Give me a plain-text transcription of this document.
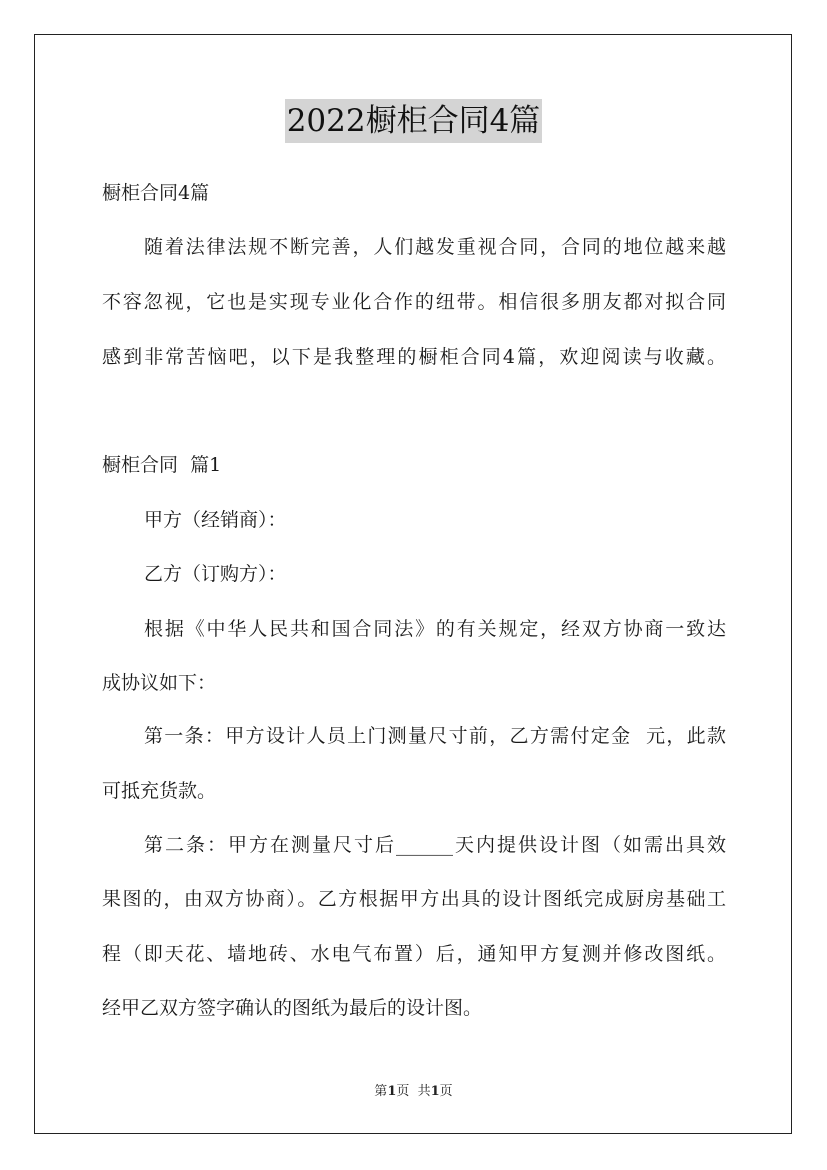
2022橱柜合同4篇
橱柜合同4篇
随着法律法规不断完善，人们越发重视合同，合同的地位越来越
不容忽视，它也是实现专业化合作的纽带。相信很多朋友都对拟合同
感到非常苦恼吧，以下是我整理的橱柜合同4篇，欢迎阅读与收藏。
橱柜合同  篇1
甲方（经销商）：
乙方（订购方）：
根据《中华人民共和国合同法》的有关规定，经双方协商一致达
成协议如下：
第一条：甲方设计人员上门测量尺寸前，乙方需付定金  元，此款
可抵充货款。
第二条：甲方在测量尺寸后______天内提供设计图（如需出具效
果图的，由双方协商）。乙方根据甲方出具的设计图纸完成厨房基础工
程（即天花、墙地砖、水电气布置）后，通知甲方复测并修改图纸。
经甲乙双方签字确认的图纸为最后的设计图。
第1页  共1页
